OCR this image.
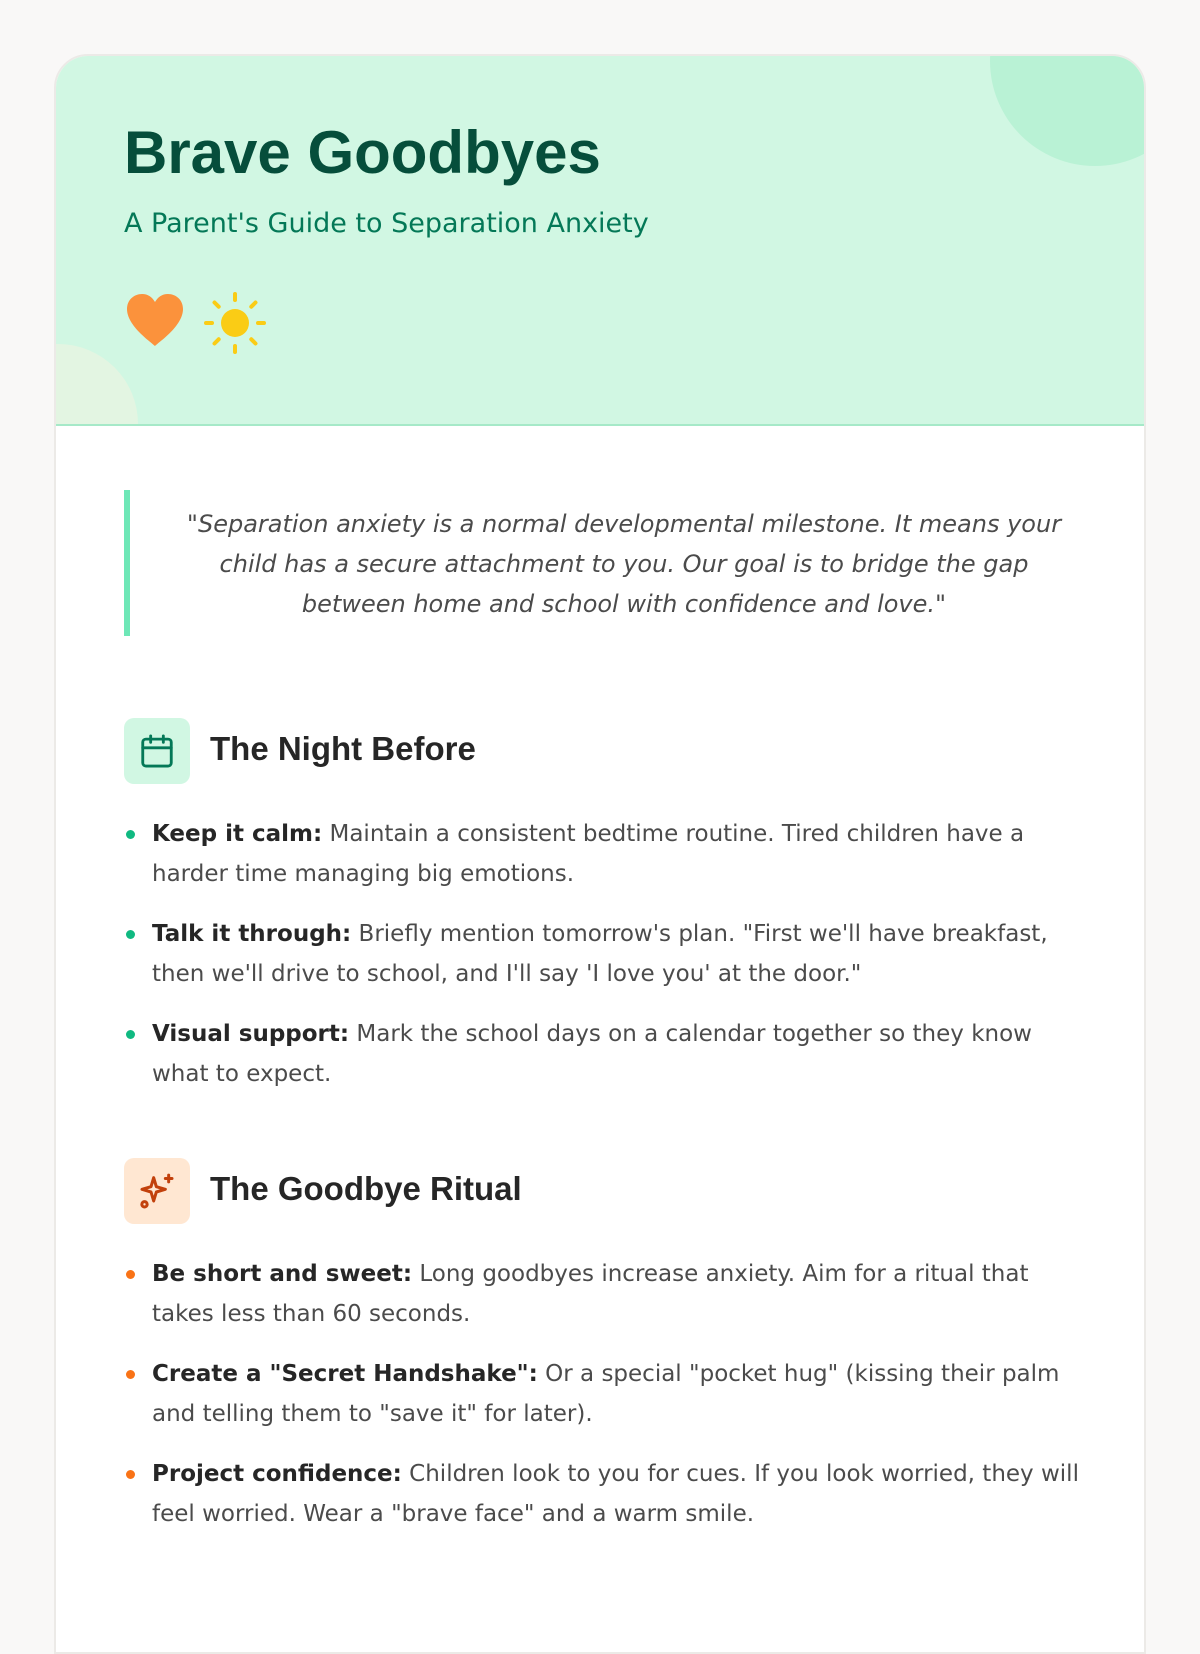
Brave Goodbyes

A Parent's Guide to Separation Anxiety

"Separation anxiety is a normal developmental milestone. It means your child has a secure attachment to you. Our goal is to bridge the gap between home and school with confidence and love."

The Night Before
Keep it calm: Maintain a consistent bedtime routine. Tired children have a harder time managing big emotions.
Talk it through: Briefly mention tomorrow's plan. "First we'll have breakfast, then we'll drive to school, and I'll say 'I love you' at the door."
Visual support: Mark the school days on a calendar together so they know what to expect.
The Goodbye Ritual
Be short and sweet: Long goodbyes increase anxiety. Aim for a ritual that takes less than 60 seconds.
Create a "Secret Handshake": Or a special "pocket hug" (kissing their palm and telling them to "save it" for later).
Project confidence: Children look to you for cues. If you look worried, they will feel worried. Wear a "brave face" and a warm smile.
